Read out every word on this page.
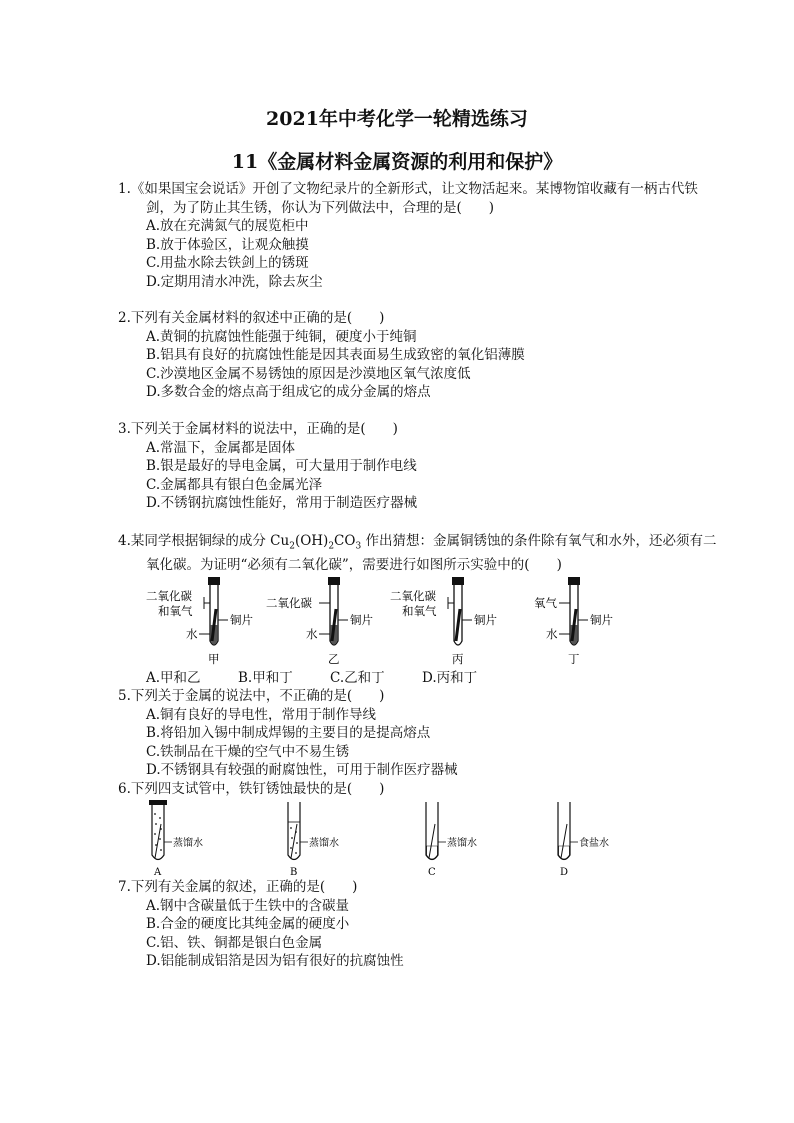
2021年中考化学一轮精选练习
11《金属材料金属资源的利用和保护》

1.《如果国宝会说话》开创了文物纪录片的全新形式，让文物活起来。某博物馆收藏有一柄古代铁剑，为了防止其生锈，你认为下列做法中，合理的是(　　)

A.放在充满氮气的展览柜中

B.放于体验区，让观众触摸

C.用盐水除去铁剑上的锈斑

D.定期用清水冲洗，除去灰尘

2.下列有关金属材料的叙述中正确的是(　　)

A.黄铜的抗腐蚀性能强于纯铜，硬度小于纯铜

B.铝具有良好的抗腐蚀性能是因其表面易生成致密的氧化铝薄膜

C.沙漠地区金属不易锈蚀的原因是沙漠地区氧气浓度低

D.多数合金的熔点高于组成它的成分金属的熔点

3.下列关于金属材料的说法中，正确的是(　　)

A.常温下，金属都是固体

B.银是最好的导电金属，可大量用于制作电线

C.金属都具有银白色金属光泽

D.不锈钢抗腐蚀性能好，常用于制造医疗器械

4.某同学根据铜绿的成分 $Cu_2(OH)_2CO_3$ 作出猜想：金属铜锈蚀的条件除有氧气和水外，还必须有二氧化碳。为证明“必须有二氧化碳”，需要进行如图所示实验中的(　　)

二氧化碳
和氧气
水
铜片
甲
二氧化碳
水
铜片
乙
二氧化碳
和氧气
铜片
丙
氧气
水
铜片
丁
A.甲和乙	B.甲和丁	C.乙和丁	D.丙和丁

5.下列关于金属的说法中，不正确的是(　　)

A.铜有良好的导电性，常用于制作导线

B.将铅加入锡中制成焊锡的主要目的是提高熔点

C.铁制品在干燥的空气中不易生锈

D.不锈钢具有较强的耐腐蚀性，可用于制作医疗器械

6.下列四支试管中，铁钉锈蚀最快的是(　　)

蒸馏水
A
蒸馏水
B
蒸馏水
C
食盐水
D

7.下列有关金属的叙述，正确的是(　　)

A.钢中含碳量低于生铁中的含碳量

B.合金的硬度比其纯金属的硬度小

C.铝、铁、铜都是银白色金属

D.铝能制成铝箔是因为铝有很好的抗腐蚀性
